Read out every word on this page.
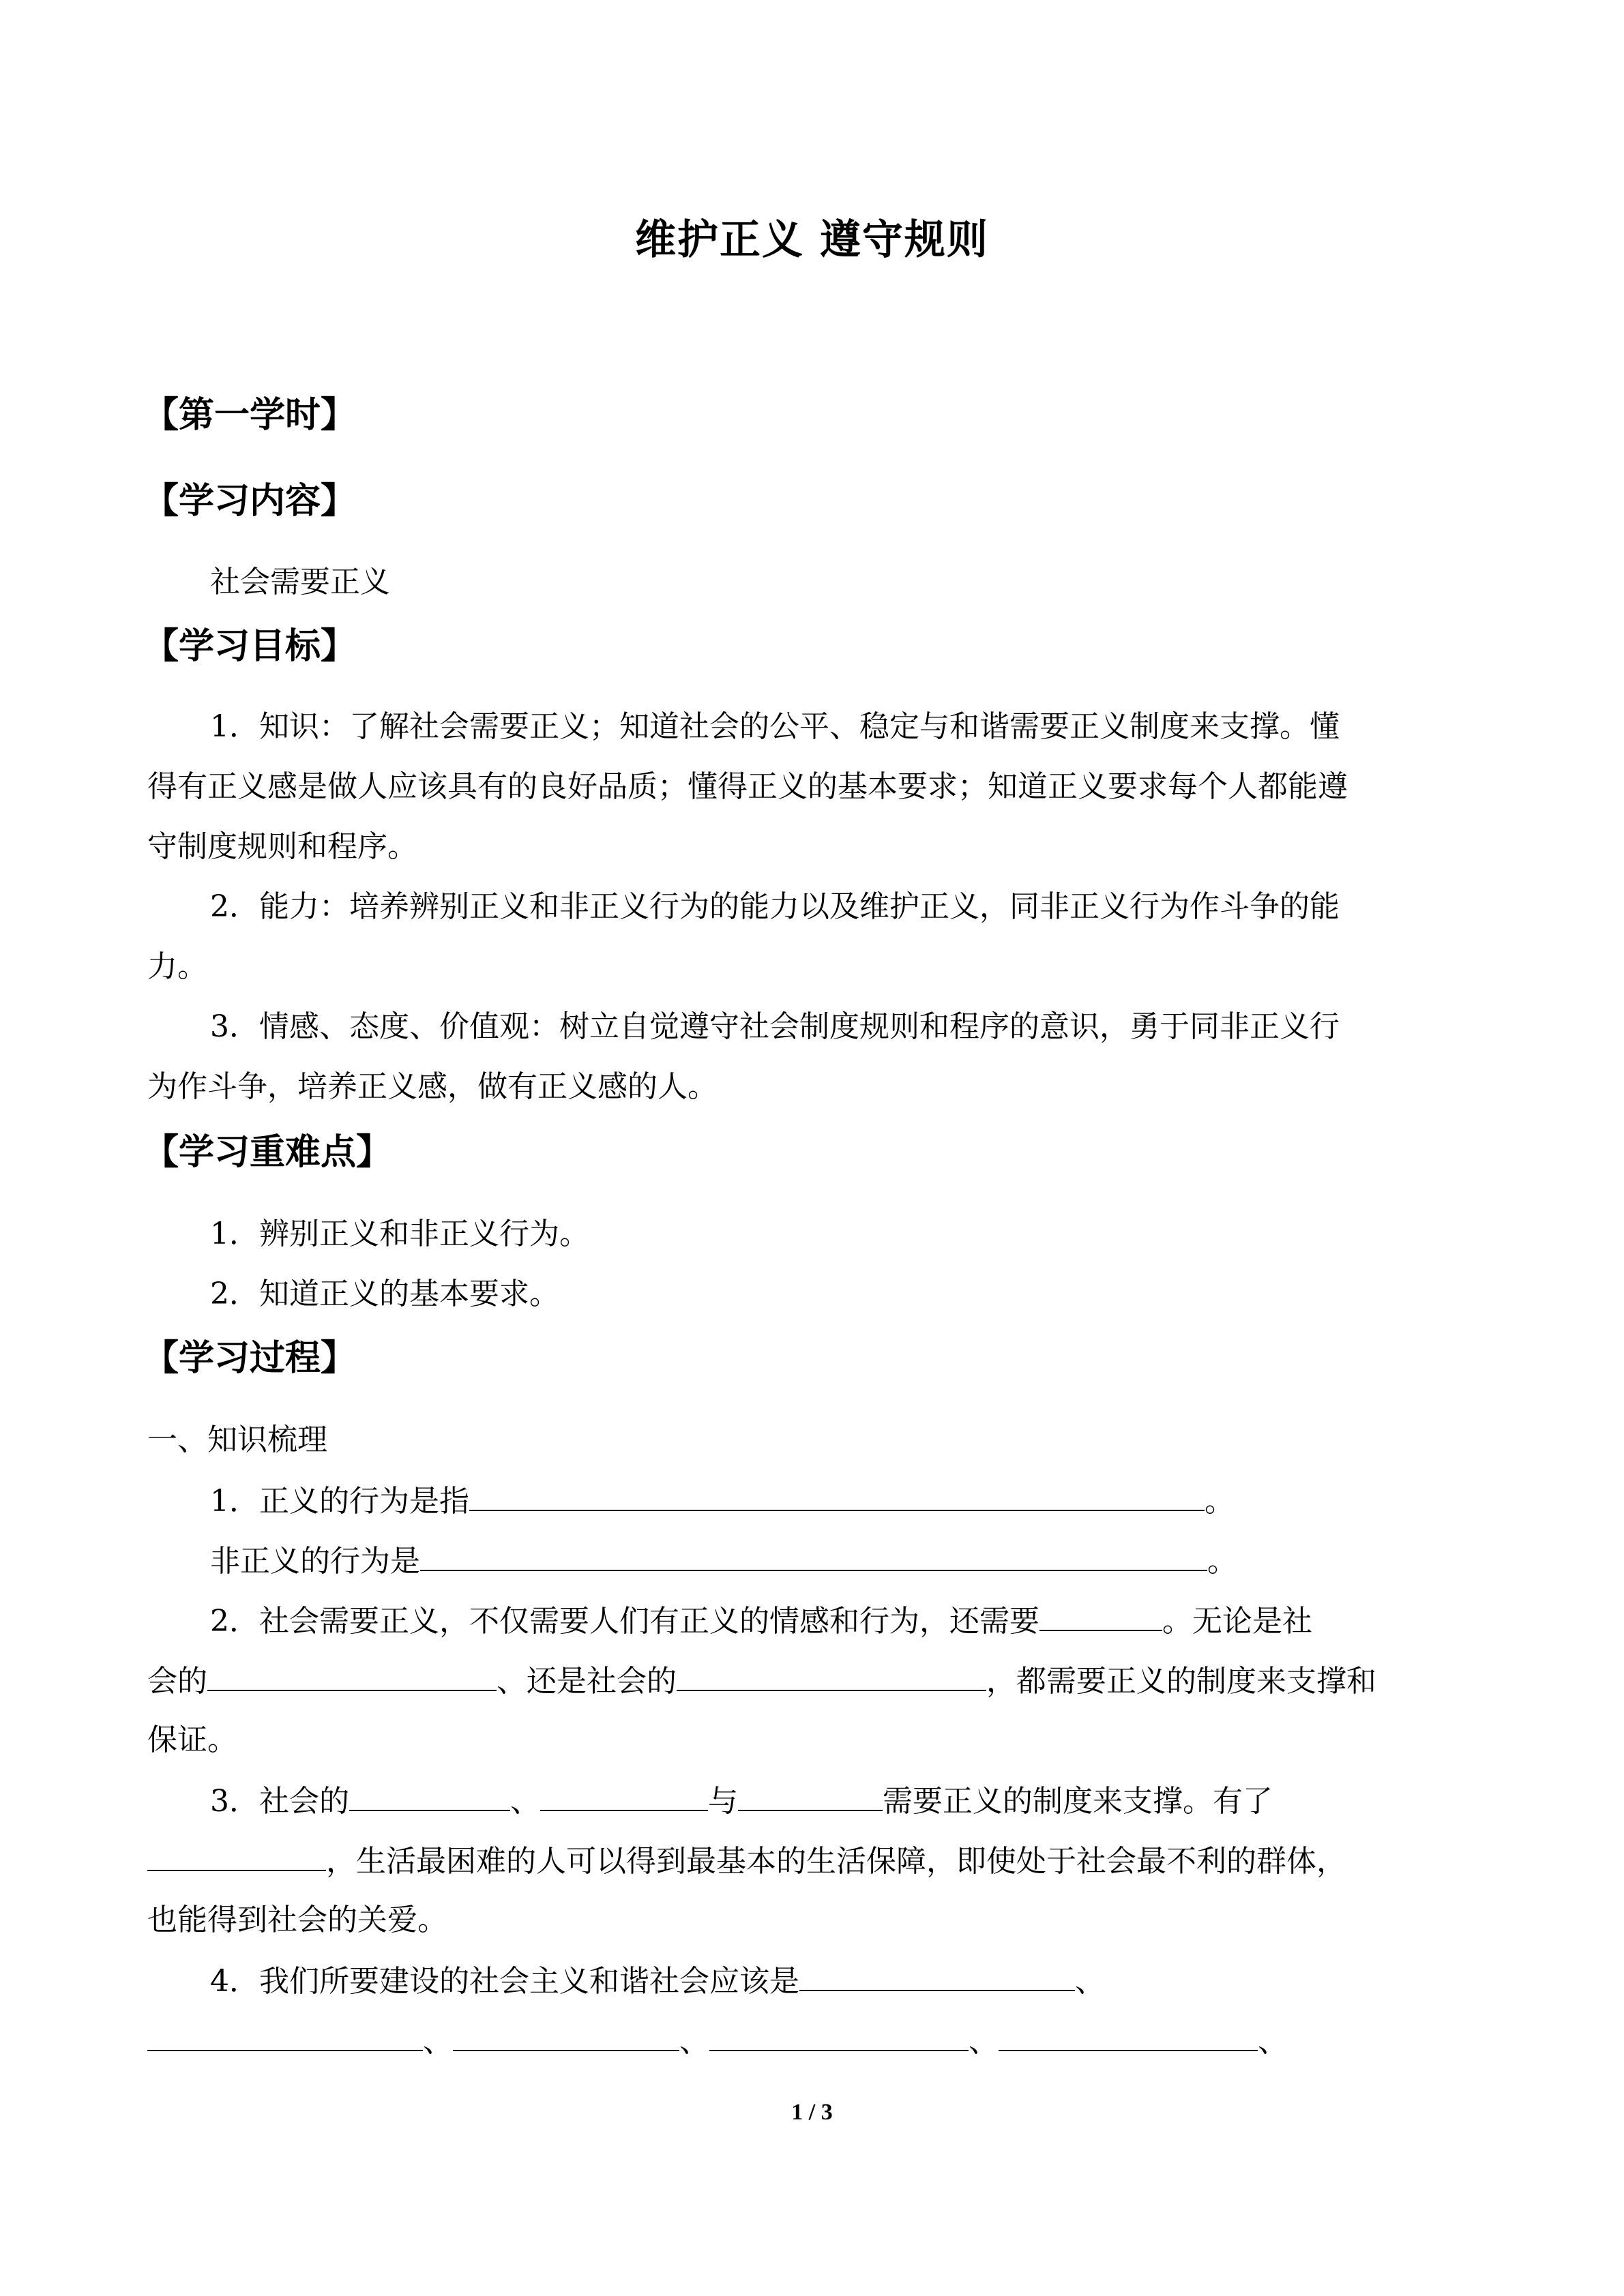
维护正义 遵守规则
【第一学时】
【学习内容】
社会需要正义
【学习目标】
1．知识：了解社会需要正义；知道社会的公平、稳定与和谐需要正义制度来支撑。懂
得有正义感是做人应该具有的良好品质；懂得正义的基本要求；知道正义要求每个人都能遵
守制度规则和程序。
2．能力：培养辨别正义和非正义行为的能力以及维护正义，同非正义行为作斗争的能
力。
3．情感、态度、价值观：树立自觉遵守社会制度规则和程序的意识，勇于同非正义行
为作斗争，培养正义感，做有正义感的人。
【学习重难点】
1．辨别正义和非正义行为。
2．知道正义的基本要求。
【学习过程】
一、知识梳理
1．正义的行为是指	。
非正义的行为是	。
2．社会需要正义，不仅需要人们有正义的情感和行为，还需要	。无论是社
会的	、还是社会的	，都需要正义的制度来支撑和
保证。
3．社会的	、	与	需要正义的制度来支撑。有了
，生活最困难的人可以得到最基本的生活保障，即使处于社会最不利的群体，
也能得到社会的关爱。
4．我们所要建设的社会主义和谐社会应该是	、
、	、	、	、
1 / 3
